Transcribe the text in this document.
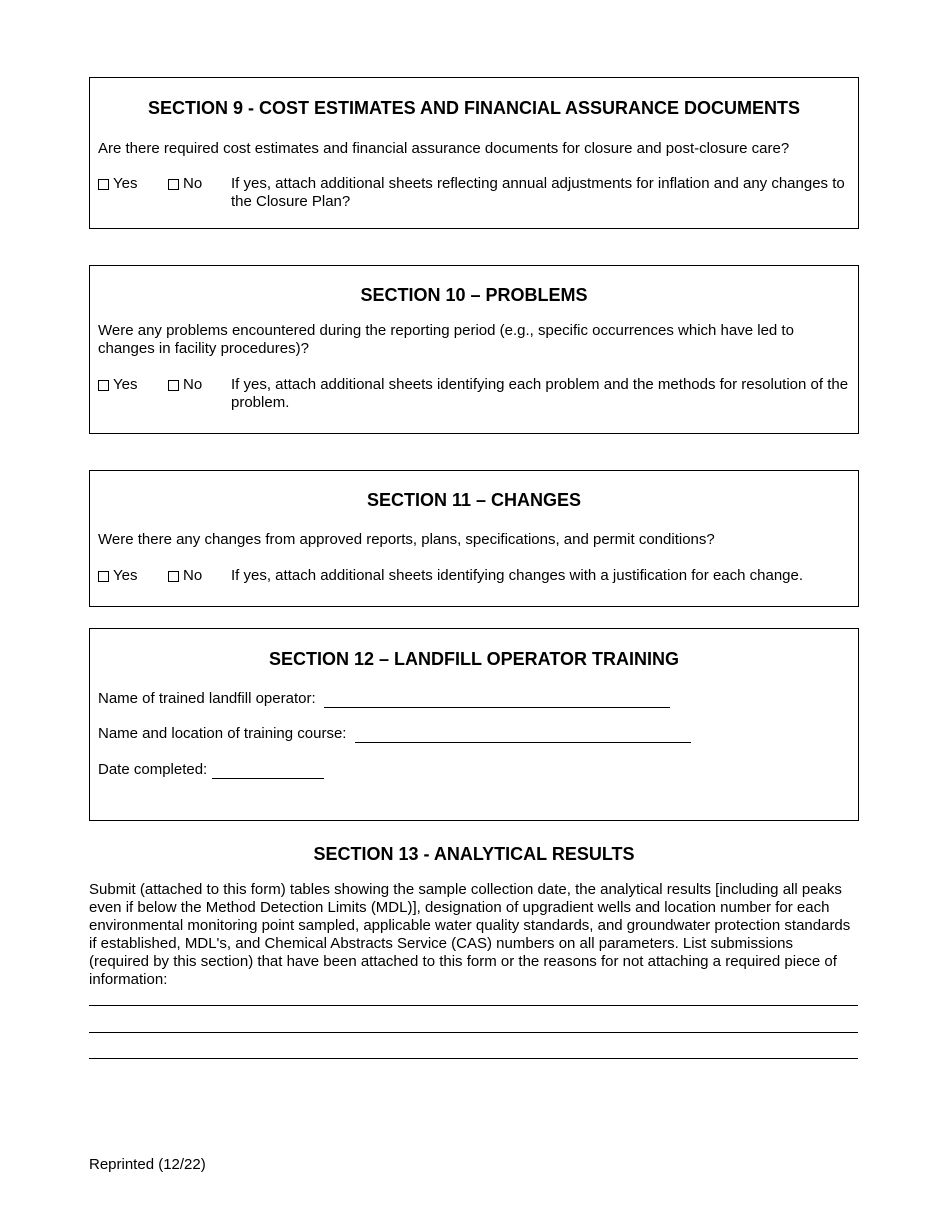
SECTION 9 - COST ESTIMATES AND FINANCIAL ASSURANCE DOCUMENTS
Are there required cost estimates and financial assurance documents for closure and post-closure care?
Yes	No If yes, attach additional sheets reflecting annual adjustments for inflation and any changes to the Closure Plan?
SECTION 10 – PROBLEMS
Were any problems encountered during the reporting period (e.g., specific occurrences which have led to changes in facility procedures)?
Yes	No If yes, attach additional sheets identifying each problem and the methods for resolution of the problem.
SECTION 11 – CHANGES
Were there any changes from approved reports, plans, specifications, and permit conditions?
Yes	No If yes, attach additional sheets identifying changes with a justification for each change.
SECTION 12 – LANDFILL OPERATOR TRAINING
Name of trained landfill operator:
Name and location of training course:
Date completed:
SECTION 13 - ANALYTICAL RESULTS
Submit (attached to this form) tables showing the sample collection date, the analytical results [including all peaks even if below the Method Detection Limits (MDL)], designation of upgradient wells and location number for each environmental monitoring point sampled, applicable water quality standards, and groundwater protection standards if established, MDL's, and Chemical Abstracts Service (CAS) numbers on all parameters. List submissions (required by this section) that have been attached to this form or the reasons for not attaching a required piece of information:
Reprinted (12/22)
